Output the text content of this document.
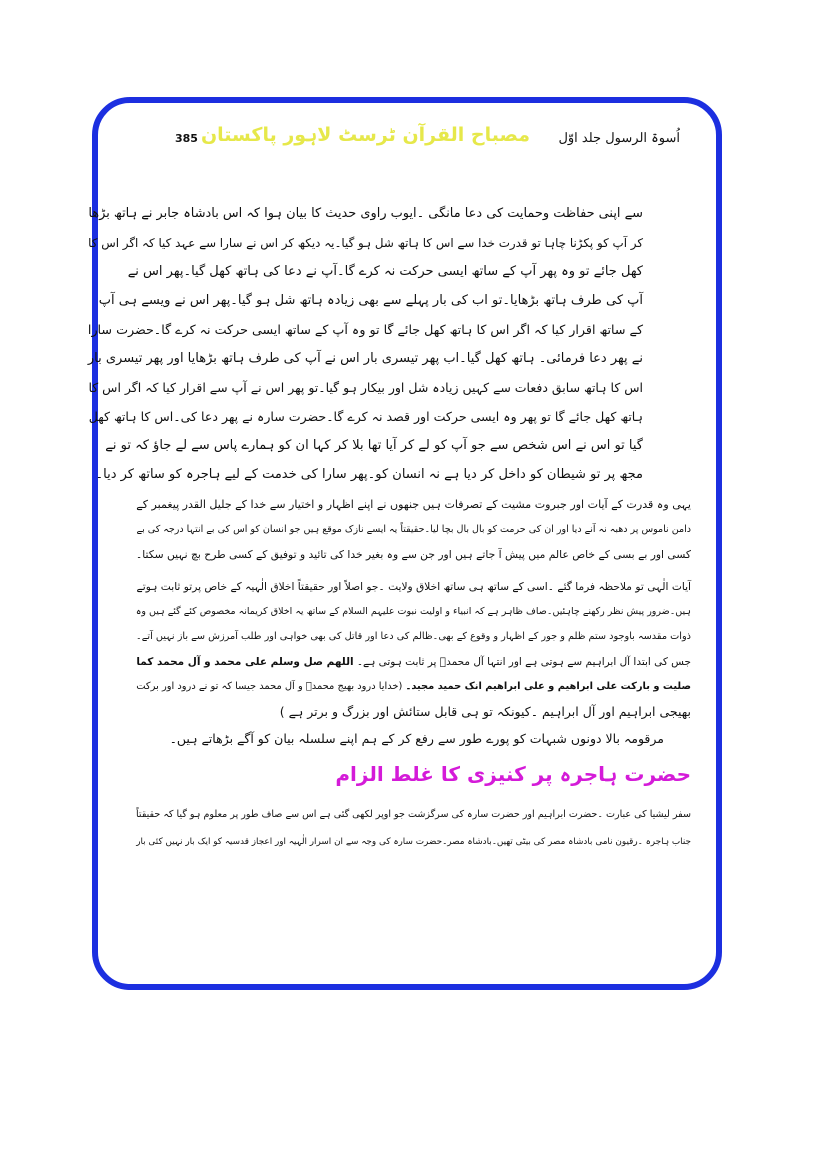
اُسوۃ الرسول جلد اوّل
مصباح القرآن ٹرسٹ لاہور پاکستان
385
سے اپنی حفاظت وحمایت کی دعا مانگی ۔ایوب راوی حدیث کا بیان ہوا کہ اس بادشاہ جابر نے ہاتھ بڑھا
کر آپ کو پکڑنا چاہا تو قدرت خدا سے اس کا ہاتھ شل ہو گیا۔یہ دیکھ کر اس نے سارا سے عہد کیا کہ اگر اس کا
کھل جائے تو وہ پھر آپ کے ساتھ ایسی حرکت نہ کرے گا۔آپ نے دعا کی ہاتھ کھل گیا۔پھر اس نے
آپ کی طرف ہاتھ بڑھایا۔تو اب کی بار پہلے سے بھی زیادہ ہاتھ شل ہو گیا۔پھر اس نے ویسے ہی آپ
کے ساتھ اقرار کیا کہ اگر اس کا ہاتھ کھل جائے گا تو وہ آپ کے ساتھ ایسی حرکت نہ کرے گا۔حضرت سارا
نے پھر دعا فرمائی۔ ہاتھ کھل گیا۔اب پھر تیسری بار اس نے آپ کی طرف ہاتھ بڑھایا اور پھر تیسری بار
اس کا ہاتھ سابق دفعات سے کہیں زیادہ شل اور بیکار ہو گیا۔تو پھر اس نے آپ سے اقرار کیا کہ اگر اس کا
ہاتھ کھل جائے گا تو پھر وہ ایسی حرکت اور قصد نہ کرے گا۔حضرت سارہ نے پھر دعا کی۔اس کا ہاتھ کھل
گیا تو اس نے اس شخص سے جو آپ کو لے کر آیا تھا بلا کر کہا ان کو ہمارے پاس سے لے جاؤ کہ تو نے
مجھ پر تو شیطان کو داخل کر دیا ہے نہ انسان کو۔پھر سارا کی خدمت کے لیے ہاجرہ کو ساتھ کر دیا۔
یہی وہ قدرت کے آیات اور جبروت مشیت کے تصرفات ہیں جنھوں نے اپنے اظہار و اختیار سے خدا کے جلیل القدر پیغمبر کے
دامن ناموس پر دھبہ نہ آنے دیا اور ان کی حرمت کو بال بال بچا لیا۔حقیقتاً یہ ایسے نازک موقع ہیں جو انسان کو اس کی بے انتہا درجہ کی بے
کسی اور بے بسی کے خاص عالم میں پیش آ جاتے ہیں اور جن سے وہ بغیر خدا کی تائید و توفیق کے کسی طرح بچ نہیں سکتا۔
آیات الٰہی تو ملاحظہ فرما گئے ۔اسی کے ساتھ ہی ساتھ اخلاق ولایت ۔جو اصلاً اور حقیقتاً اخلاق الٰہیہ کے خاص پرتو ثابت ہوتے
ہیں۔ضرور پیش نظر رکھنے چاہئیں۔صاف ظاہر ہے کہ انبیاء و اولیت نبوت علیہم السلام کے ساتھ یہ اخلاق کریمانہ مخصوص کئے گئے ہیں وہ
ذوات مقدسہ باوجود ستم ظلم و جور کے اظہار و وقوع کے بھی۔ظالم کی دعا اور قاتل کی بھی خواہی اور طلب آمرزش سے باز نہیں آتے۔
جس کی ابتدا آل ابراہیم سے ہوتی ہے اور انتہا آل محمدؐ پر ثابت ہوتی ہے۔ اللھم صل وسلم علی محمد و آل محمد کما
صلیت و بارکت علی ابراھیم و علی ابراھیم انک حمید مجید۔ (خدایا درود بھیج محمدؐ و آل محمد جیسا کہ تو نے درود اور برکت
بھیجی ابراہیم اور آل ابراہیم ۔کیونکہ تو ہی قابل ستائش اور بزرگ و برتر ہے )
مرقومہ بالا دونوں شبہات کو پورے طور سے رفع کر کے ہم اپنے سلسلہ بیان کو آگے بڑھاتے ہیں۔
حضرت ہاجرہ پر کنیزی کا غلط الزام
سفر لیشیا کی عبارت ۔حضرت ابراہیم اور حضرت سارہ کی سرگزشت جو اوپر لکھی گئی ہے اس سے صاف طور پر معلوم ہو گیا کہ حقیقتاً
جناب ہاجرہ ۔رقیون نامی بادشاہ مصر کی بیٹی تھیں۔بادشاہ مصر۔حضرت سارہ کی وجہ سے ان اسرار الٰہیہ اور اعجاز قدسیہ کو ایک بار نہیں کئی بار
